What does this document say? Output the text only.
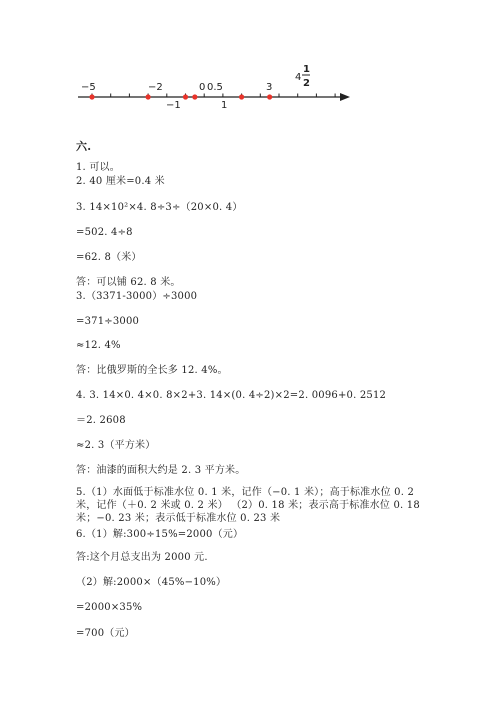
−5	−2	0 0.5	3
−1	1
4
1
2
六.
1. 可以。
2. 40 厘米=0.4 米
3. 14×10²×4. 8÷3÷（20×0. 4）
=502. 4÷8
=62. 8（米）
答：可以铺 62. 8 米。
3.（3371-3000）÷3000
=371÷3000
≈12. 4%
答：比俄罗斯的全长多 12. 4%。
4. 3. 14×0. 4×0. 8×2+3. 14×(0. 4÷2)×2=2. 0096+0. 2512
＝2. 2608
≈2. 3（平方米）
答：油漆的面积大约是 2. 3 平方米。
5.（1）水面低于标准水位 0. 1 米，记作（−0. 1 米）；高于标准水位 0. 2 米，记作（＋0. 2 米或 0. 2 米） （2）0. 18 米；表示高于标准水位 0. 18 米；−0. 23 米；表示低于标准水位 0. 23 米
6.（1）解:300÷15%=2000（元）
答:这个月总支出为 2000 元.
（2）解:2000×（45%−10%）
=2000×35%
=700（元）
